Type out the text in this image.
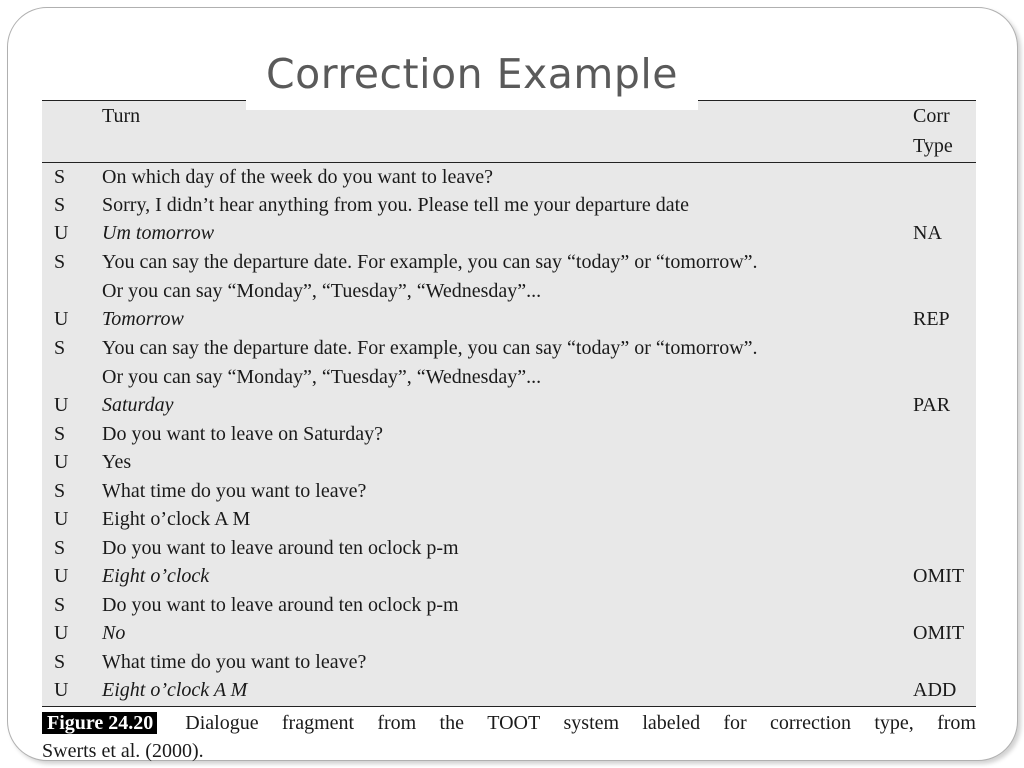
Correction Example
Turn	Corr
Type
S On which day of the week do you want to leave?
S Sorry, I didn’t hear anything from you. Please tell me your departure date
U Um tomorrow	NA
S You can say the departure date. For example, you can say “today” or “tomorrow”.
Or you can say “Monday”, “Tuesday”, “Wednesday”...
U Tomorrow	REP
S You can say the departure date. For example, you can say “today” or “tomorrow”.
Or you can say “Monday”, “Tuesday”, “Wednesday”...
U Saturday	PAR
S Do you want to leave on Saturday?
U Yes
S What time do you want to leave?
U Eight o’clock A M
S Do you want to leave around ten oclock p-m
U Eight o’clock	OMIT
S Do you want to leave around ten oclock p-m
U No	OMIT
S What time do you want to leave?
U Eight o’clock A M	ADD
Figure 24.20 Dialogue fragment from the TOOT system labeled for correction type, from
Swerts et al. (2000).
